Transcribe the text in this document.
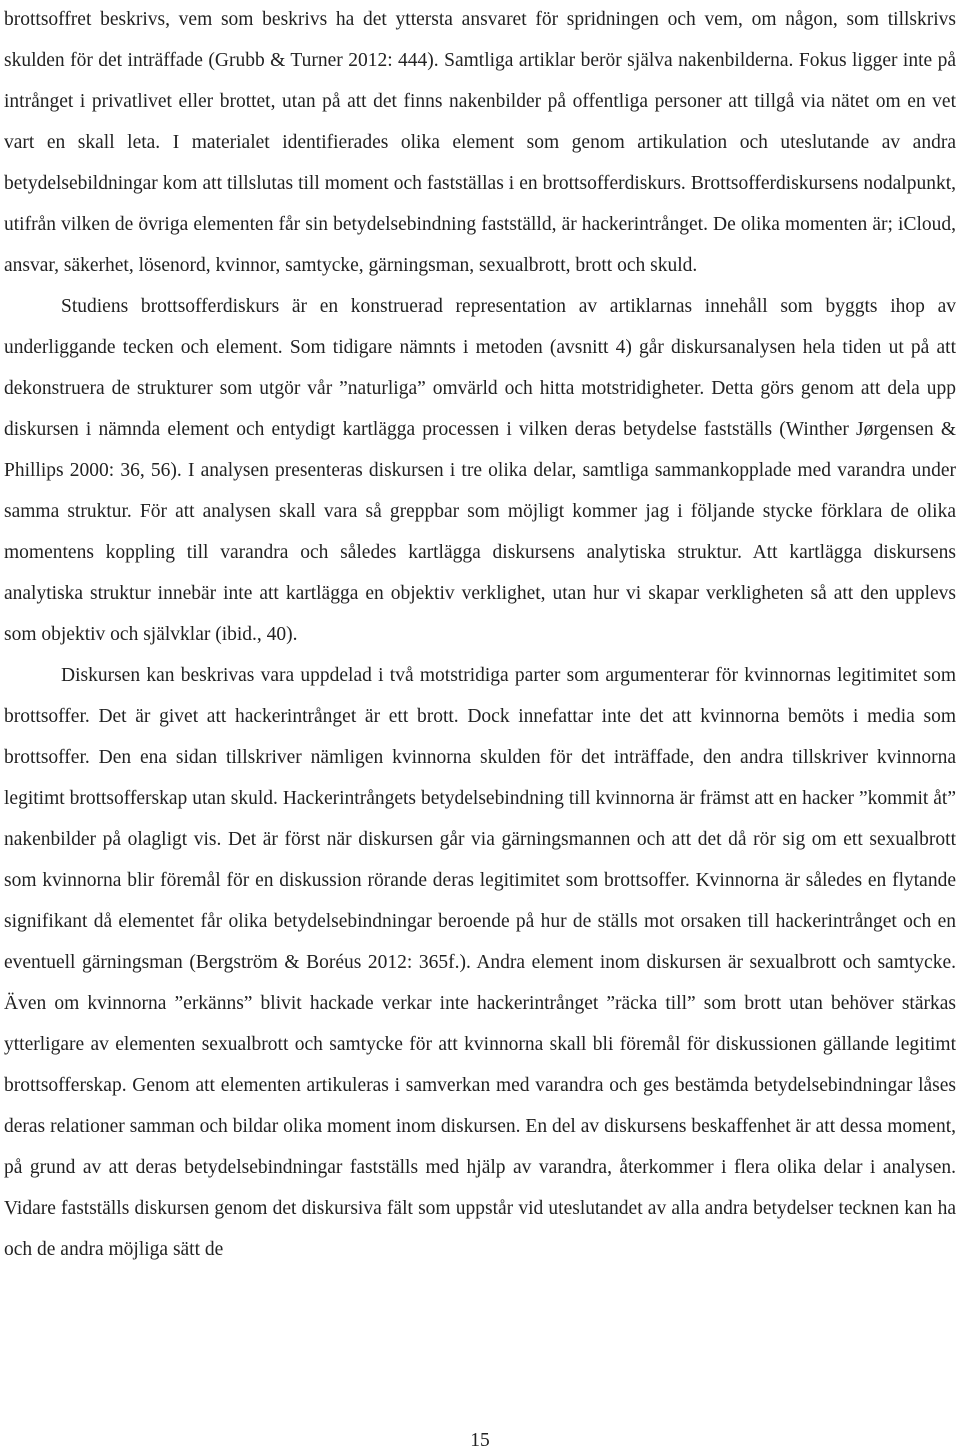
brottsoffret beskrivs, vem som beskrivs ha det yttersta ansvaret för spridningen och vem, om någon, som tillskrivs skulden för det inträffade (Grubb & Turner 2012: 444). Samtliga artiklar berör själva nakenbilderna. Fokus ligger inte på intrånget i privatlivet eller brottet, utan på att det finns nakenbilder på offentliga personer att tillgå via nätet om en vet vart en skall leta. I materialet identifierades olika element som genom artikulation och uteslutande av andra betydelsebildningar kom att tillslutas till moment och fastställas i en brottsofferdiskurs. Brottsofferdiskursens nodalpunkt, utifrån vilken de övriga elementen får sin betydelsebindning fastställd, är hackerintrånget. De olika momenten är; iCloud, ansvar, säkerhet, lösenord, kvinnor, samtycke, gärningsman, sexualbrott, brott och skuld.

Studiens brottsofferdiskurs är en konstruerad representation av artiklarnas innehåll som byggts ihop av underliggande tecken och element. Som tidigare nämnts i metoden (avsnitt 4) går diskursanalysen hela tiden ut på att dekonstruera de strukturer som utgör vår ”naturliga” omvärld och hitta motstridigheter. Detta görs genom att dela upp diskursen i nämnda element och entydigt kartlägga processen i vilken deras betydelse fastställs (Winther Jørgensen & Phillips 2000: 36, 56). I analysen presenteras diskursen i tre olika delar, samtliga sammankopplade med varandra under samma struktur. För att analysen skall vara så greppbar som möjligt kommer jag i följande stycke förklara de olika momentens koppling till varandra och således kartlägga diskursens analytiska struktur. Att kartlägga diskursens analytiska struktur innebär inte att kartlägga en objektiv verklighet, utan hur vi skapar verkligheten så att den upplevs som objektiv och självklar (ibid., 40).

Diskursen kan beskrivas vara uppdelad i två motstridiga parter som argumenterar för kvinnornas legitimitet som brottsoffer. Det är givet att hackerintrånget är ett brott. Dock innefattar inte det att kvinnorna bemöts i media som brottsoffer. Den ena sidan tillskriver nämligen kvinnorna skulden för det inträffade, den andra tillskriver kvinnorna legitimt brottsofferskap utan skuld. Hackerintrångets betydelsebindning till kvinnorna är främst att en hacker ”kommit åt” nakenbilder på olagligt vis. Det är först när diskursen går via gärningsmannen och att det då rör sig om ett sexualbrott som kvinnorna blir föremål för en diskussion rörande deras legitimitet som brottsoffer. Kvinnorna är således en flytande signifikant då elementet får olika betydelsebindningar beroende på hur de ställs mot orsaken till hackerintrånget och en eventuell gärningsman (Bergström & Boréus 2012: 365f.). Andra element inom diskursen är sexualbrott och samtycke. Även om kvinnorna ”erkänns” blivit hackade verkar inte hackerintrånget ”räcka till” som brott utan behöver stärkas ytterligare av elementen sexualbrott och samtycke för att kvinnorna skall bli föremål för diskussionen gällande legitimt brottsofferskap. Genom att elementen artikuleras i samverkan med varandra och ges bestämda betydelsebindningar låses deras relationer samman och bildar olika moment inom diskursen. En del av diskursens beskaffenhet är att dessa moment, på grund av att deras betydelsebindningar fastställs med hjälp av varandra, återkommer i flera olika delar i analysen. Vidare fastställs diskursen genom det diskursiva fält som uppstår vid uteslutandet av alla andra betydelser tecknen kan ha och de andra möjliga sätt de

15
